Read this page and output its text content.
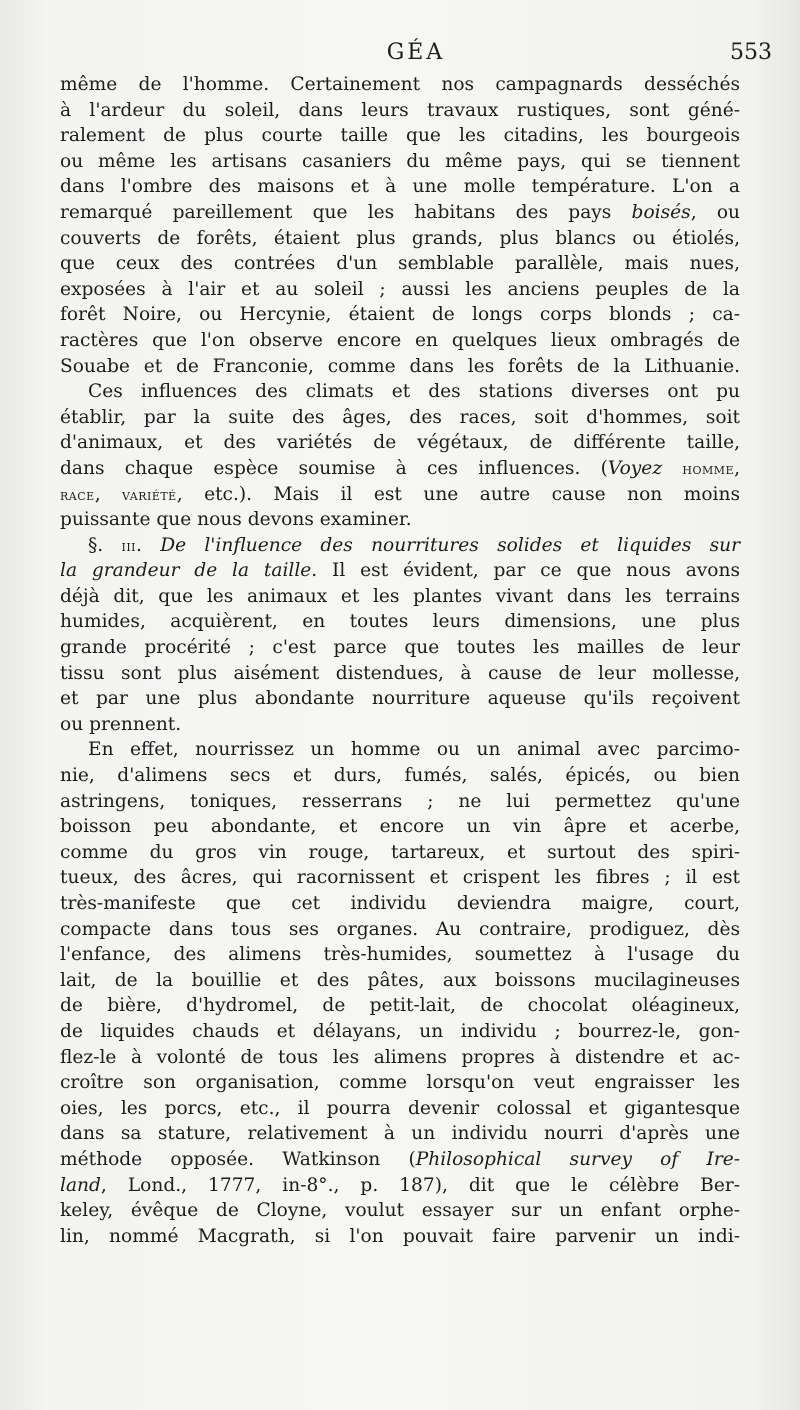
GÉA	553
même de l'homme. Certainement nos campagnards desséchés
à l'ardeur du soleil, dans leurs travaux rustiques, sont géné-
ralement de plus courte taille que les citadins, les bourgeois
ou même les artisans casaniers du même pays, qui se tiennent
dans l'ombre des maisons et à une molle température. L'on a
remarqué pareillement que les habitans des pays boisés, ou
couverts de forêts, étaient plus grands, plus blancs ou étiolés,
que ceux des contrées d'un semblable parallèle, mais nues,
exposées à l'air et au soleil ; aussi les anciens peuples de la
forêt Noire, ou Hercynie, étaient de longs corps blonds ; ca-
ractères que l'on observe encore en quelques lieux ombragés de
Souabe et de Franconie, comme dans les forêts de la Lithuanie.
Ces influences des climats et des stations diverses ont pu
établir, par la suite des âges, des races, soit d'hommes, soit
d'animaux, et des variétés de végétaux, de différente taille,
dans chaque espèce soumise à ces influences. (Voyez homme,
race, variété, etc.). Mais il est une autre cause non moins
puissante que nous devons examiner.
§. iii. De l'influence des nourritures solides et liquides sur
la grandeur de la taille. Il est évident, par ce que nous avons
déjà dit, que les animaux et les plantes vivant dans les terrains
humides, acquièrent, en toutes leurs dimensions, une plus
grande procérité ; c'est parce que toutes les mailles de leur
tissu sont plus aisément distendues, à cause de leur mollesse,
et par une plus abondante nourriture aqueuse qu'ils reçoivent
ou prennent.
En effet, nourrissez un homme ou un animal avec parcimo-
nie, d'alimens secs et durs, fumés, salés, épicés, ou bien
astringens, toniques, resserrans ; ne lui permettez qu'une
boisson peu abondante, et encore un vin âpre et acerbe,
comme du gros vin rouge, tartareux, et surtout des spiri-
tueux, des âcres, qui racornissent et crispent les fibres ; il est
très-manifeste que cet individu deviendra maigre, court,
compacte dans tous ses organes. Au contraire, prodiguez, dès
l'enfance, des alimens très-humides, soumettez à l'usage du
lait, de la bouillie et des pâtes, aux boissons mucilagineuses
de bière, d'hydromel, de petit-lait, de chocolat oléagineux,
de liquides chauds et délayans, un individu ; bourrez-le, gon-
flez-le à volonté de tous les alimens propres à distendre et ac-
croître son organisation, comme lorsqu'on veut engraisser les
oies, les porcs, etc., il pourra devenir colossal et gigantesque
dans sa stature, relativement à un individu nourri d'après une
méthode opposée. Watkinson (Philosophical survey of Ire-
land, Lond., 1777, in-8°., p. 187), dit que le célèbre Ber-
keley, évêque de Cloyne, voulut essayer sur un enfant orphe-
lin, nommé Macgrath, si l'on pouvait faire parvenir un indi-
